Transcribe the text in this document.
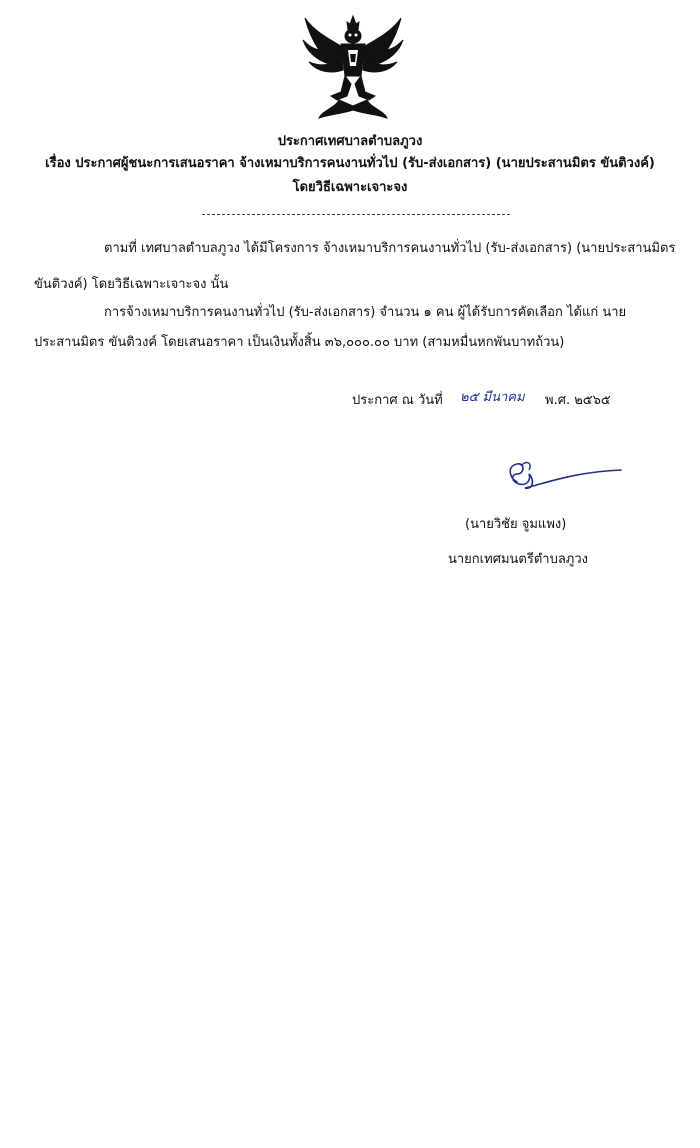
ประกาศเทศบาลตำบลภูวง
เรื่อง ประกาศผู้ชนะการเสนอราคา จ้างเหมาบริการคนงานทั่วไป (รับ-ส่งเอกสาร) (นายประสานมิตร ขันติวงค์)
โดยวิธีเฉพาะเจาะจง
ตามที่ เทศบาลตำบลภูวง ได้มีโครงการ จ้างเหมาบริการคนงานทั่วไป (รับ-ส่งเอกสาร) (นายประสานมิตร
ขันติวงค์) โดยวิธีเฉพาะเจาะจง นั้น
การจ้างเหมาบริการคนงานทั่วไป (รับ-ส่งเอกสาร) จำนวน ๑ คน ผู้ได้รับการคัดเลือก ได้แก่ นาย
ประสานมิตร ขันติวงค์ โดยเสนอราคา เป็นเงินทั้งสิ้น ๓๖,๐๐๐.๐๐ บาท (สามหมื่นหกพันบาทถ้วน)
ประกาศ ณ วันที่ ๒๕ มีนาคม พ.ศ. ๒๕๖๕
(นายวิชัย จูมแพง)
นายกเทศมนตรีตำบลภูวง
